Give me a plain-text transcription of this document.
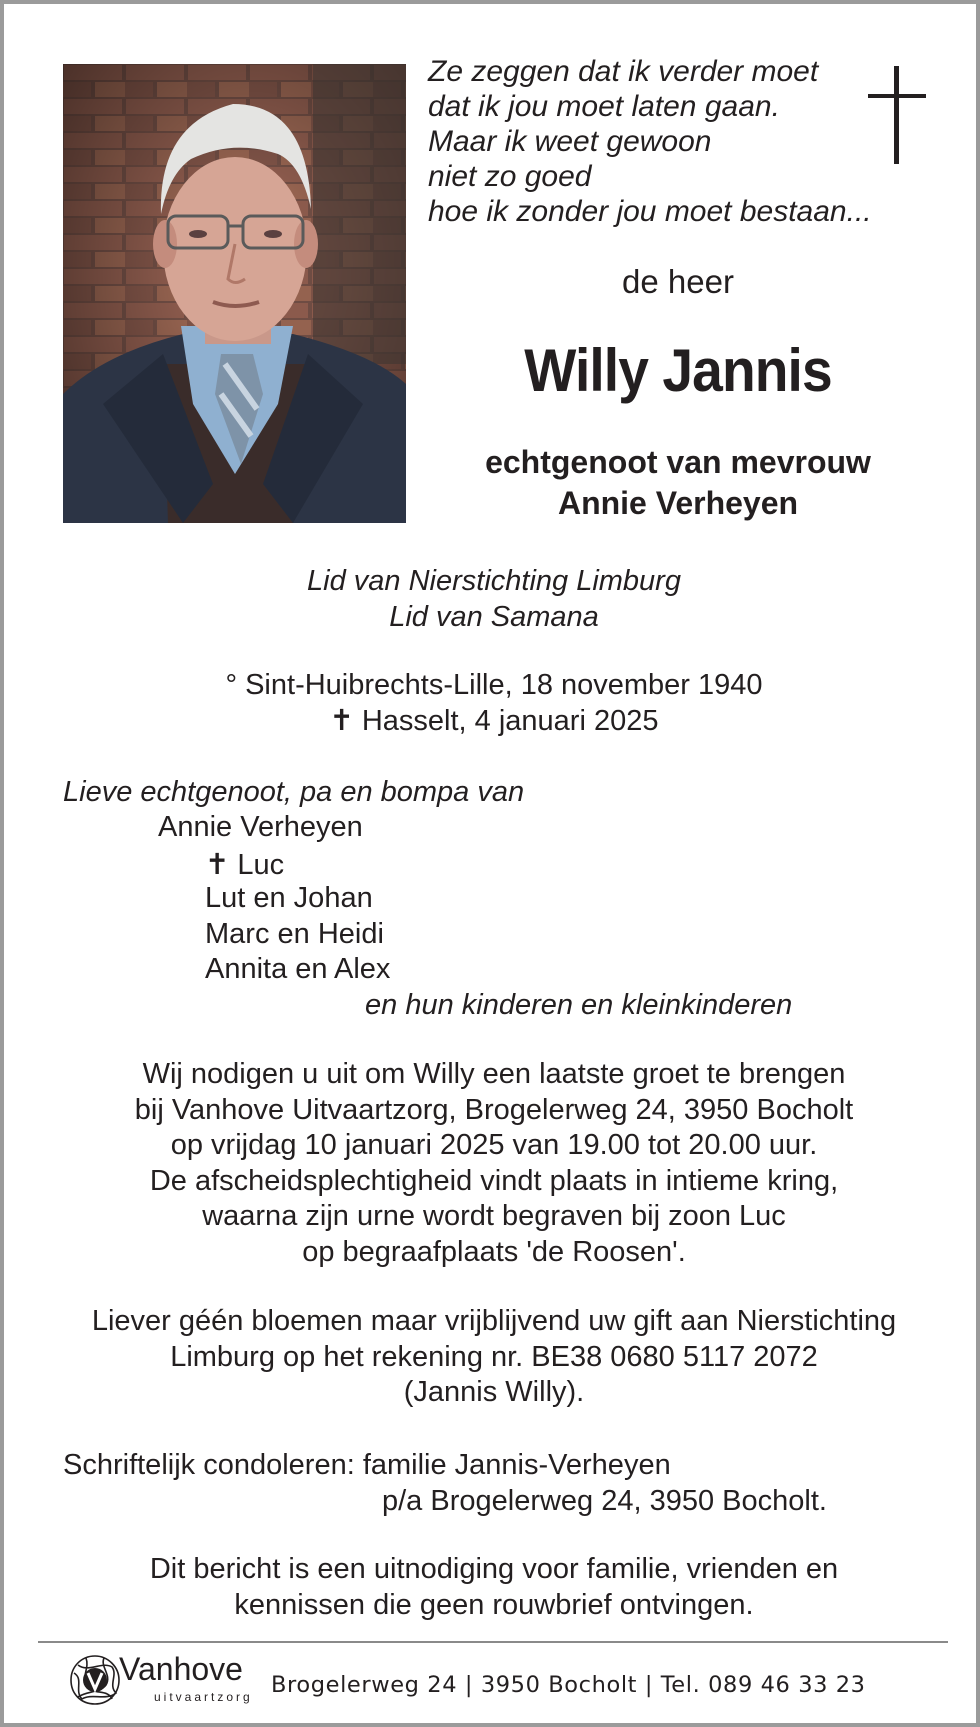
Ze zeggen dat ik verder moet
dat ik jou moet laten gaan.
Maar ik weet gewoon
niet zo goed
hoe ik zonder jou moet bestaan...
de heer
Willy Jannis
echtgenoot van mevrouw
Annie Verheyen
Lid van Nierstichting Limburg
Lid van Samana
° Sint-Huibrechts-Lille, 18 november 1940
✝ Hasselt, 4 januari 2025
Lieve echtgenoot, pa en bompa van
Annie Verheyen
✝ Luc
Lut en Johan
Marc en Heidi
Annita en Alex
en hun kinderen en kleinkinderen
Wij nodigen u uit om Willy een laatste groet te brengen
bij Vanhove Uitvaartzorg, Brogelerweg 24, 3950 Bocholt
op vrijdag 10 januari 2025 van 19.00 tot 20.00 uur.
De afscheidsplechtigheid vindt plaats in intieme kring,
waarna zijn urne wordt begraven bij zoon Luc
op begraafplaats 'de Roosen'.
Liever géén bloemen maar vrijblijvend uw gift aan Nierstichting
Limburg op het rekening nr. BE38 0680 5117 2072
(Jannis Willy).
Schriftelijk condoleren: familie Jannis-Verheyen
p/a Brogelerweg 24, 3950 Bocholt.
Dit bericht is een uitnodiging voor familie, vrienden en
kennissen die geen rouwbrief ontvingen.
Vanhove
uitvaartzorg Brogelerweg 24 | 3950 Bocholt | Tel. 089 46 33 23
